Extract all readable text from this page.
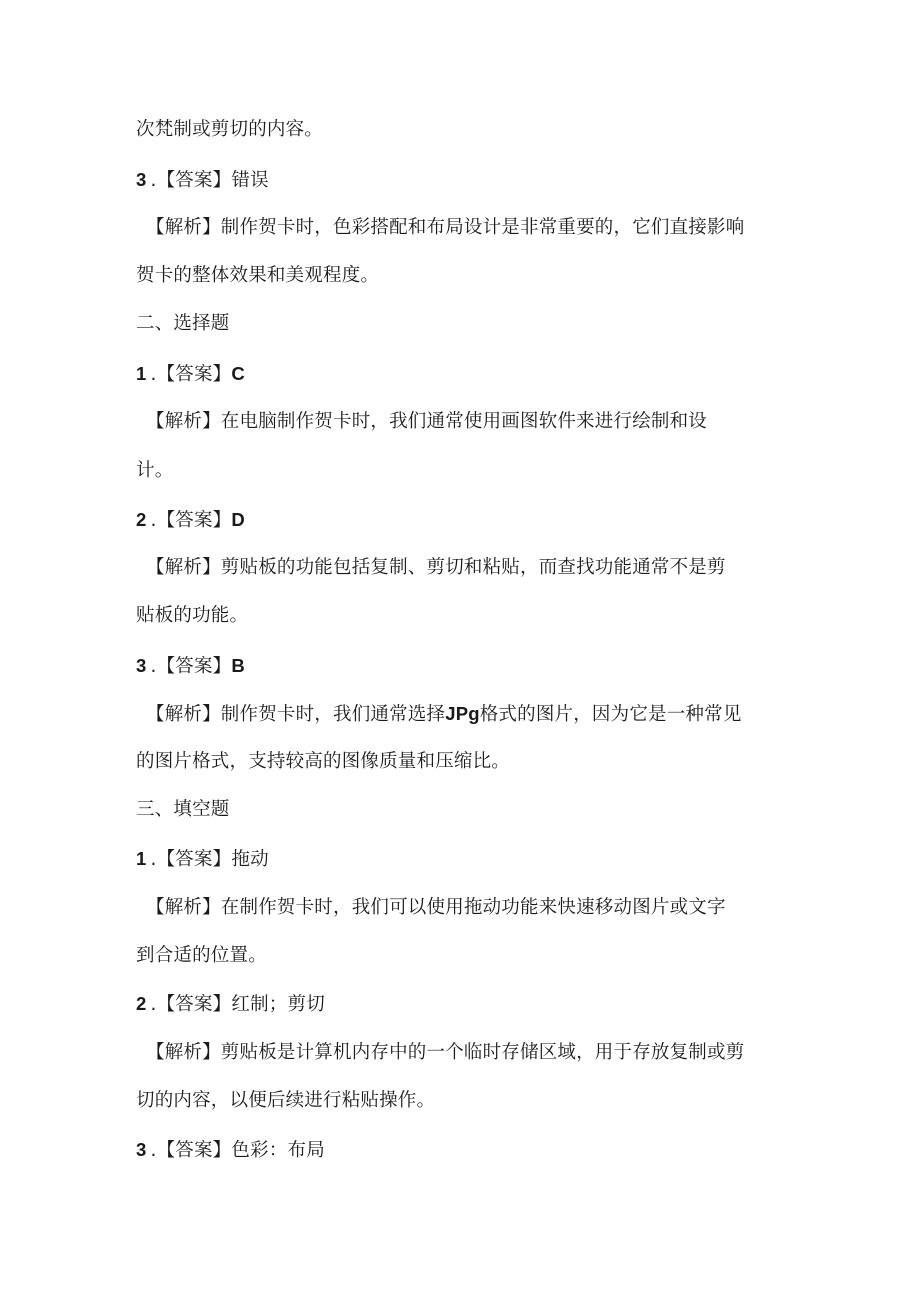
次梵制或剪切的内容。
3 .【答案】错误
【解析】制作贺卡时，色彩搭配和布局设计是非常重要的，它们直接影响
贺卡的整体效果和美观程度。
二、选择题
1 .【答案】C
【解析】在电脑制作贺卡时，我们通常使用画图软件来进行绘制和设
计。
2 .【答案】D
【解析】剪贴板的功能包括复制、剪切和粘贴，而查找功能通常不是剪
贴板的功能。
3 .【答案】B
【解析】制作贺卡时，我们通常选择JPg格式的图片，因为它是一种常见
的图片格式，支持较高的图像质量和压缩比。
三、填空题
1 .【答案】拖动
【解析】在制作贺卡时，我们可以使用拖动功能来快速移动图片或文字
到合适的位置。
2 .【答案】红制；剪切
【解析】剪贴板是计算机内存中的一个临时存储区域，用于存放复制或剪
切的内容，以便后续进行粘贴操作。
3 .【答案】色彩：布局
